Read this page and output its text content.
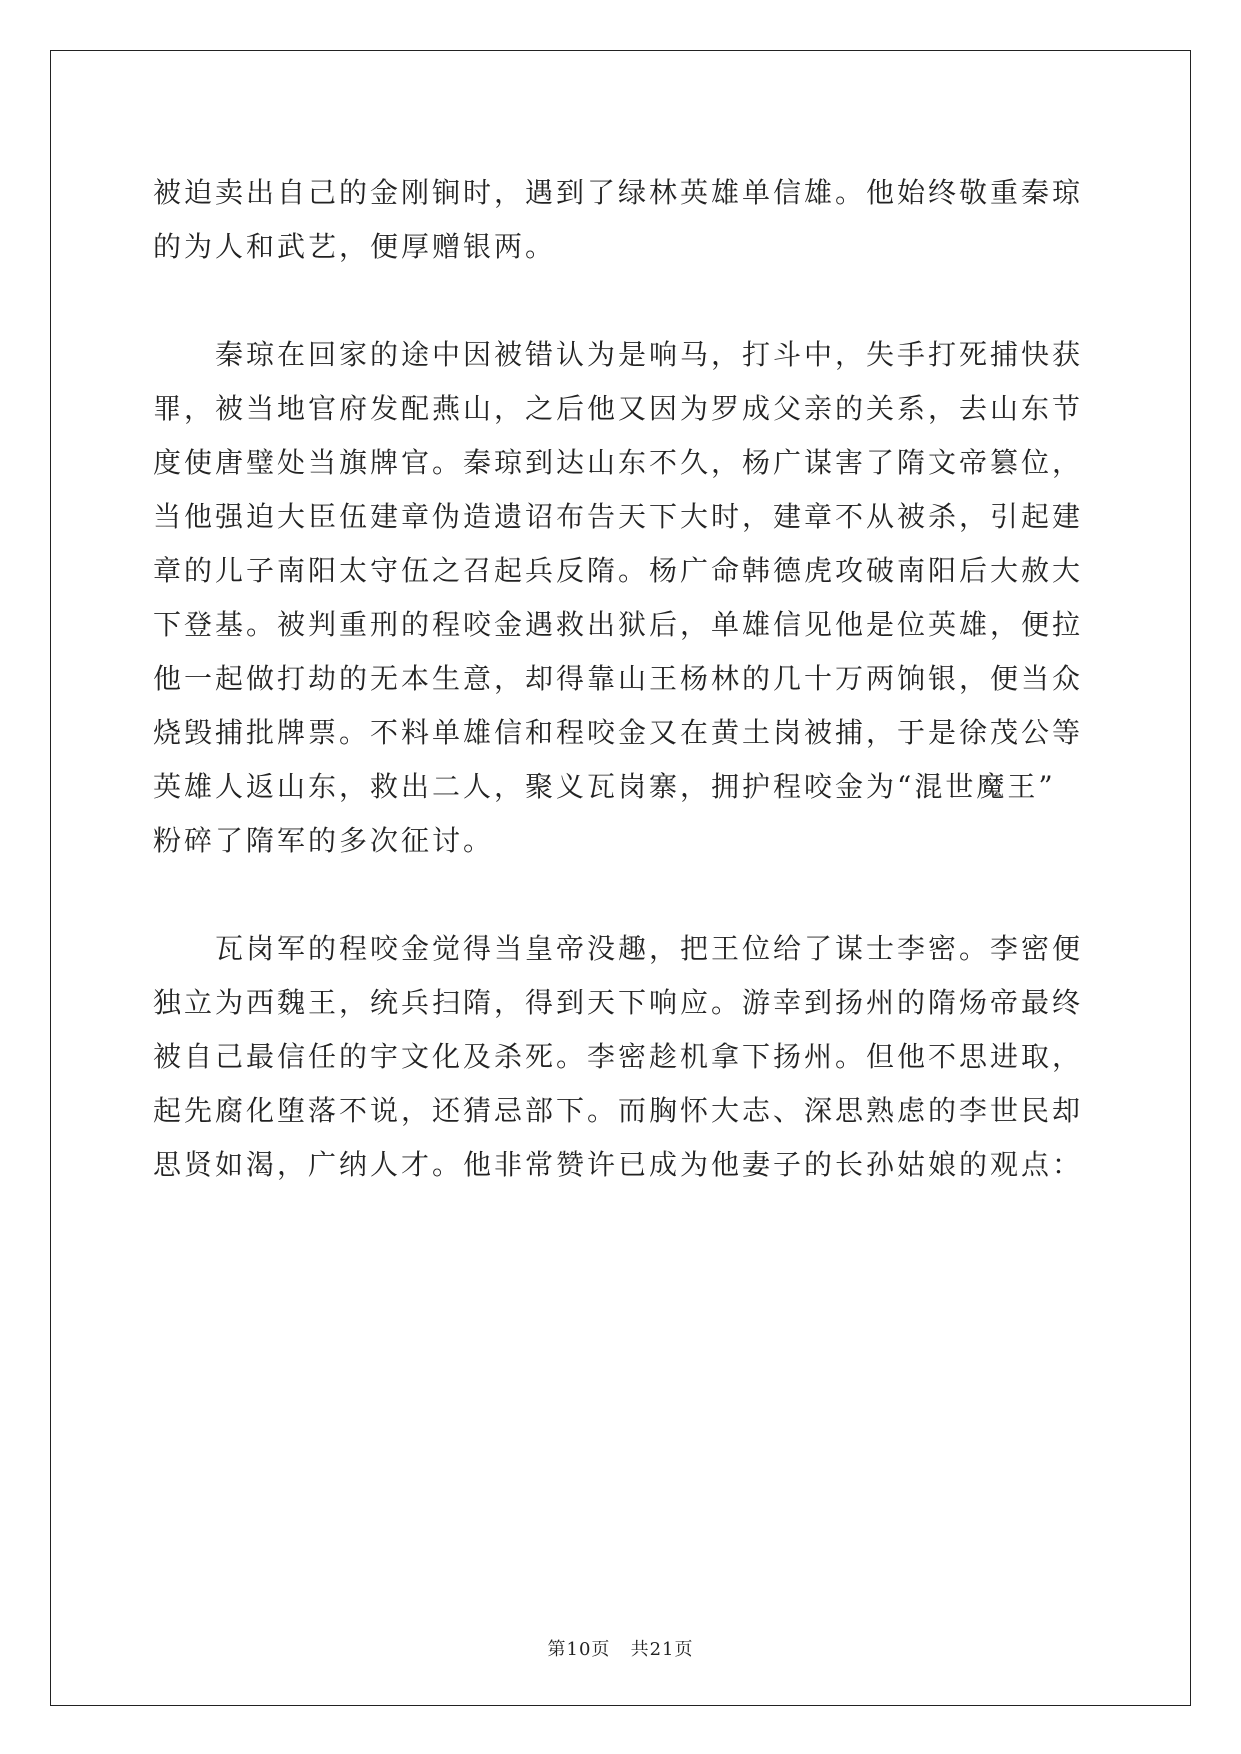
被迫卖出自己的金刚锏时，遇到了绿林英雄单信雄。他始终敬重秦琼
的为人和武艺，便厚赠银两。
　　秦琼在回家的途中因被错认为是响马，打斗中，失手打死捕快获
罪，被当地官府发配燕山，之后他又因为罗成父亲的关系，去山东节
度使唐璧处当旗牌官。秦琼到达山东不久，杨广谋害了隋文帝篡位，
当他强迫大臣伍建章伪造遗诏布告天下大时，建章不从被杀，引起建
章的儿子南阳太守伍之召起兵反隋。杨广命韩德虎攻破南阳后大赦大
下登基。被判重刑的程咬金遇救出狱后，单雄信见他是位英雄，便拉
他一起做打劫的无本生意，却得靠山王杨林的几十万两饷银，便当众
烧毁捕批牌票。不料单雄信和程咬金又在黄土岗被捕，于是徐茂公等
英雄人返山东，救出二人，聚义瓦岗寨，拥护程咬金为“混世魔王”
粉碎了隋军的多次征讨。
　　瓦岗军的程咬金觉得当皇帝没趣，把王位给了谋士李密。李密便
独立为西魏王，统兵扫隋，得到天下响应。游幸到扬州的隋炀帝最终
被自己最信任的宇文化及杀死。李密趁机拿下扬州。但他不思进取，
起先腐化堕落不说，还猜忌部下。而胸怀大志、深思熟虑的李世民却
思贤如渴，广纳人才。他非常赞许已成为他妻子的长孙姑娘的观点：
第10页 共21页
